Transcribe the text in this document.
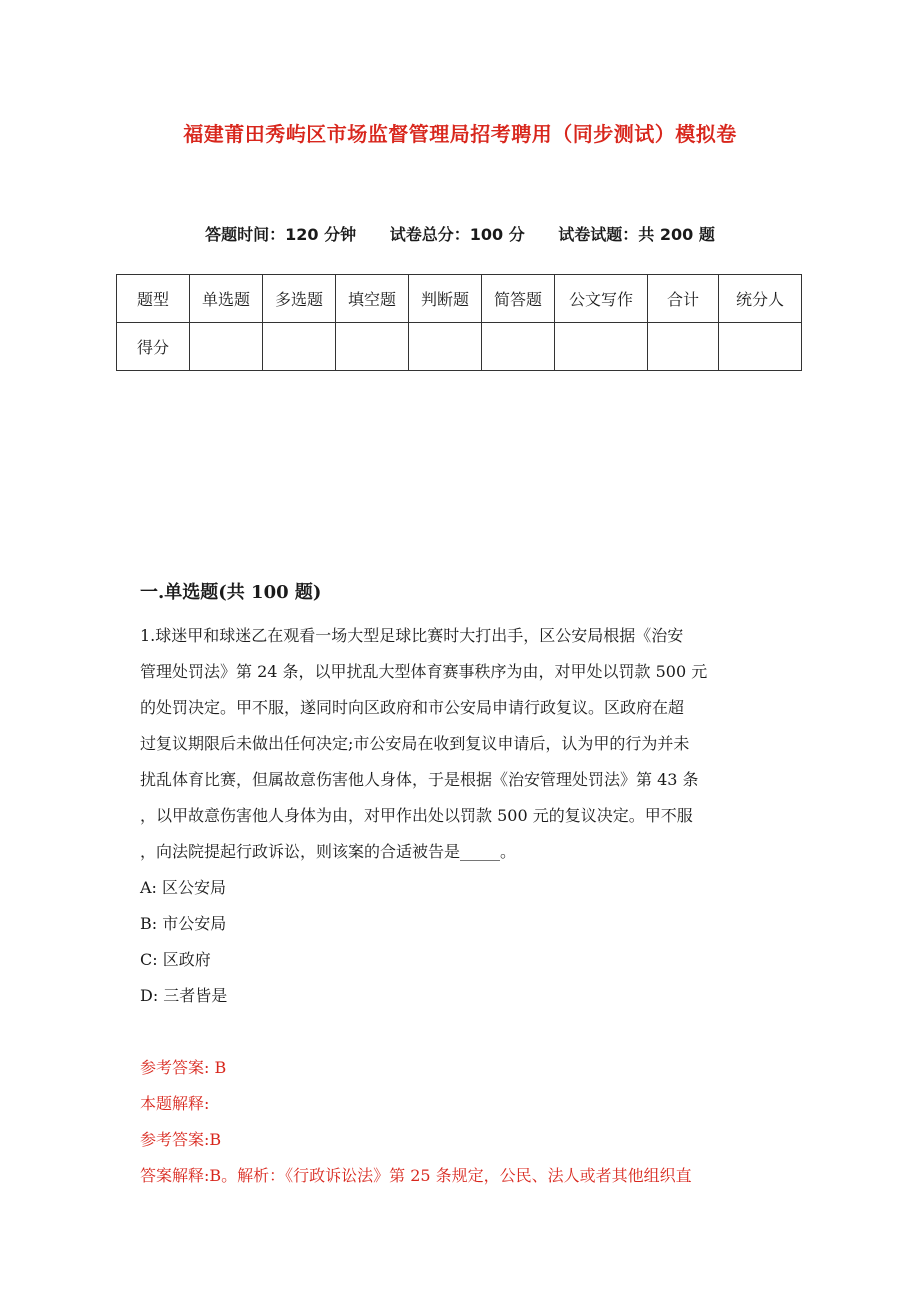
福建莆田秀屿区市场监督管理局招考聘用（同步测试）模拟卷
答题时间：120 分钟 试卷总分：100 分 试卷试题：共 200 题
题型	单选题	多选题	填空题	判断题	简答题	公文写作	合计	统分人
得分								
一.单选题(共 100 题)

1.球迷甲和球迷乙在观看一场大型足球比赛时大打出手，区公安局根据《治安

管理处罚法》第 24 条，以甲扰乱大型体育赛事秩序为由，对甲处以罚款 500 元

的处罚决定。甲不服，遂同时向区政府和市公安局申请行政复议。区政府在超

过复议期限后未做出任何决定;市公安局在收到复议申请后，认为甲的行为并未

扰乱体育比赛，但属故意伤害他人身体，于是根据《治安管理处罚法》第 43 条

，以甲故意伤害他人身体为由，对甲作出处以罚款 500 元的复议决定。甲不服

，向法院提起行政诉讼，则该案的合适被告是_____。

A: 区公安局
B: 市公安局
C: 区政府
D: 三者皆是
参考答案: B
本题解释:
参考答案:B
答案解释:B。解析：《行政诉讼法》第 25 条规定，公民、法人或者其他组织直
